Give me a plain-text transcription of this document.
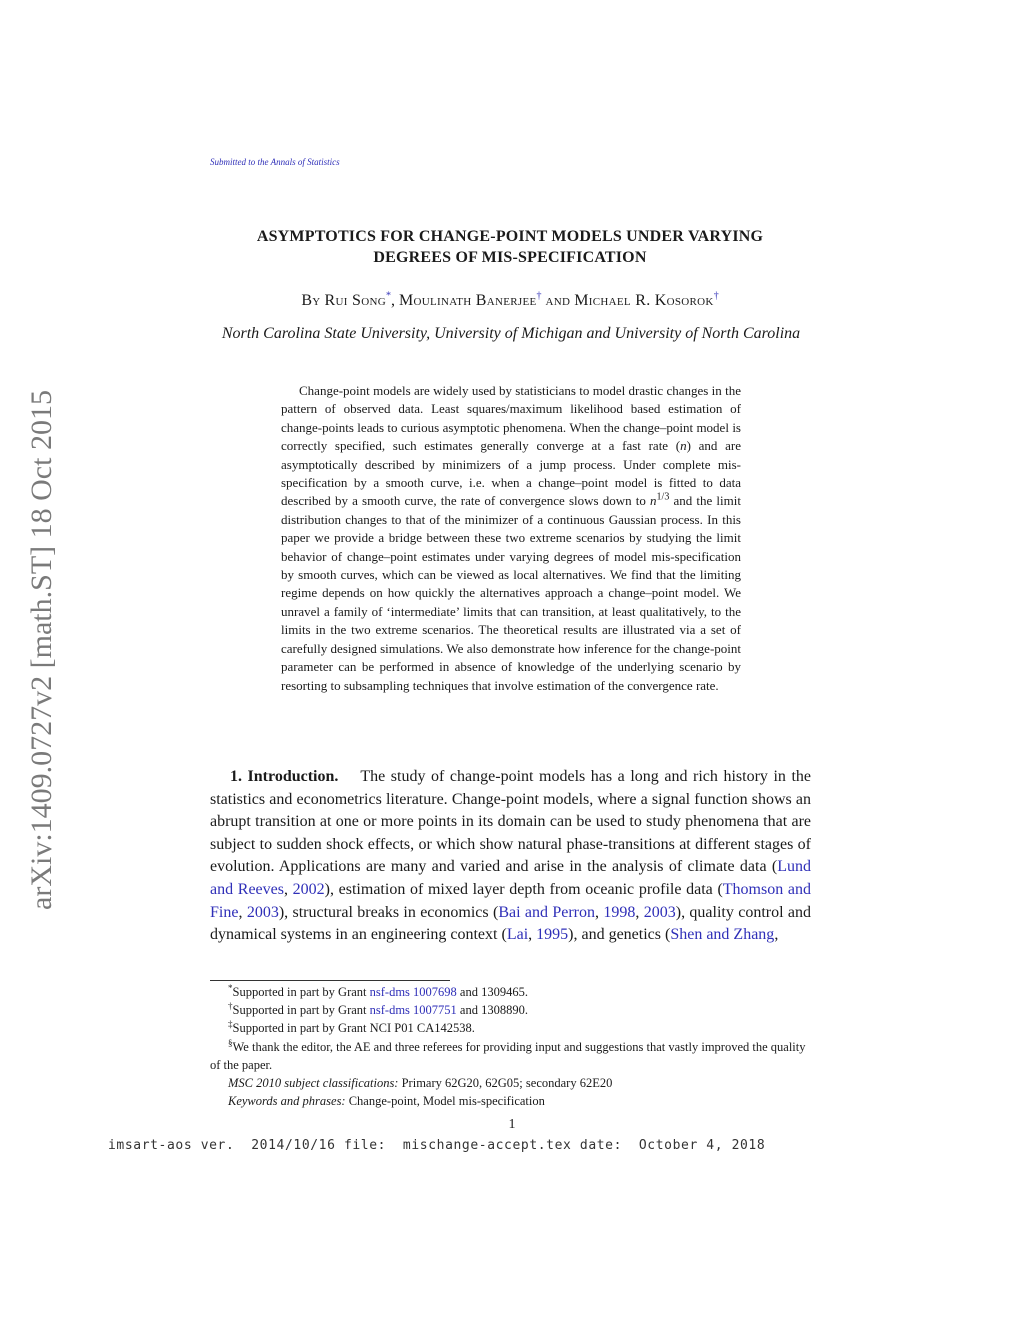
Submitted to the Annals of Statistics
ASYMPTOTICS FOR CHANGE-POINT MODELS UNDER VARYING
DEGREES OF MIS-SPECIFICATION
By Rui Song*, Moulinath Banerjee† and Michael R. Kosorok†
North Carolina State University, University of Michigan and University of North Carolina
Change-point models are widely used by statisticians to model drastic changes in the pattern of observed data. Least squares/maximum likelihood based estimation of change-points leads to curious asymptotic phenomena. When the change–point model is correctly specified, such estimates generally converge at a fast rate (n) and are asymptotically described by minimizers of a jump process. Under complete mis-specification by a smooth curve, i.e. when a change–point model is fitted to data described by a smooth curve, the rate of convergence slows down to $n^{1/3}$ and the limit distribution changes to that of the minimizer of a continuous Gaussian process. In this paper we provide a bridge between these two extreme scenarios by studying the limit behavior of change–point estimates under varying degrees of model mis-specification by smooth curves, which can be viewed as local alternatives. We find that the limiting regime depends on how quickly the alternatives approach a change–point model. We unravel a family of ‘intermediate’ limits that can transition, at least qualitatively, to the limits in the two extreme scenarios. The theoretical results are illustrated via a set of carefully designed simulations. We also demonstrate how inference for the change-point parameter can be performed in absence of knowledge of the underlying scenario by resorting to subsampling techniques that involve estimation of the convergence rate.
1. Introduction. The study of change-point models has a long and rich history in the statistics and econometrics literature. Change-point models, where a signal function shows an abrupt transition at one or more points in its domain can be used to study phenomena that are subject to sudden shock effects, or which show natural phase-transitions at different stages of evolution. Applications are many and varied and arise in the analysis of climate data (Lund and Reeves, 2002), estimation of mixed layer depth from oceanic profile data (Thomson and Fine, 2003), structural breaks in economics (Bai and Perron, 1998, 2003), quality control and dynamical systems in an engineering context (Lai, 1995), and genetics (Shen and Zhang,
*Supported in part by Grant nsf-dms 1007698 and 1309465.
†Supported in part by Grant nsf-dms 1007751 and 1308890.
‡Supported in part by Grant NCI P01 CA142538.
§We thank the editor, the AE and three referees for providing input and suggestions that vastly improved the quality of the paper.
MSC 2010 subject classifications: Primary 62G20, 62G05; secondary 62E20
Keywords and phrases: Change-point, Model mis-specification
1
imsart-aos ver.  2014/10/16 file:  mischange-accept.tex date:  October 4, 2018
arXiv:1409.0727v2 [math.ST] 18 Oct 2015
